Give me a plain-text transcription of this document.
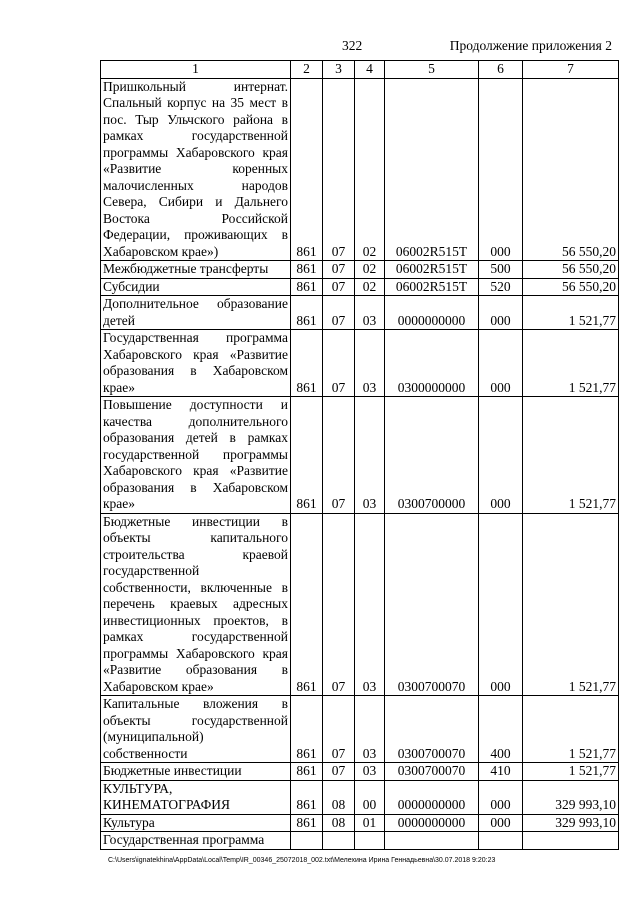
322	Продолжение приложения 2
1	2	3	4	5	6	7
Пришкольный интернат. Спальный корпус на 35 мест в пос. Тыр Ульчского района в рамках государственной программы Хабаровского края «Развитие коренных малочисленных народов Севера, Сибири и Дальнего Востока Российской Федерации, проживающих в Хабаровском крае»)	861	07	02	06002R515T	000	56 550,20
Межбюджетные трансферты	861	07	02	06002R515T	500	56 550,20
Субсидии	861	07	02	06002R515T	520	56 550,20
Дополнительное образование детей	861	07	03	0000000000	000	1 521,77
Государственная программа Хабаровского края «Развитие образования в Хабаровском крае»	861	07	03	0300000000	000	1 521,77
Повышение доступности и качества дополнительного образования детей в рамках государственной программы Хабаровского края «Развитие образования в Хабаровском крае»	861	07	03	0300700000	000	1 521,77
Бюджетные инвестиции в объекты капитального строительства краевой государственной собственности, включенные в перечень краевых адресных инвестиционных проектов, в рамках государственной программы Хабаровского края «Развитие образования в Хабаровском крае»	861	07	03	0300700070	000	1 521,77
Капитальные вложения в объекты государственной (муниципальной) собственности	861	07	03	0300700070	400	1 521,77
Бюджетные инвестиции	861	07	03	0300700070	410	1 521,77
КУЛЬТУРА, КИНЕМАТОГРАФИЯ	861	08	00	0000000000	000	329 993,10
Культура	861	08	01	0000000000	000	329 993,10
Государственная программа						
C:\Users\ignatekhina\AppData\Local\Temp\IR_00346_25072018_002.txt\Мелехина Ирина Геннадьевна\30.07.2018 9:20:23
